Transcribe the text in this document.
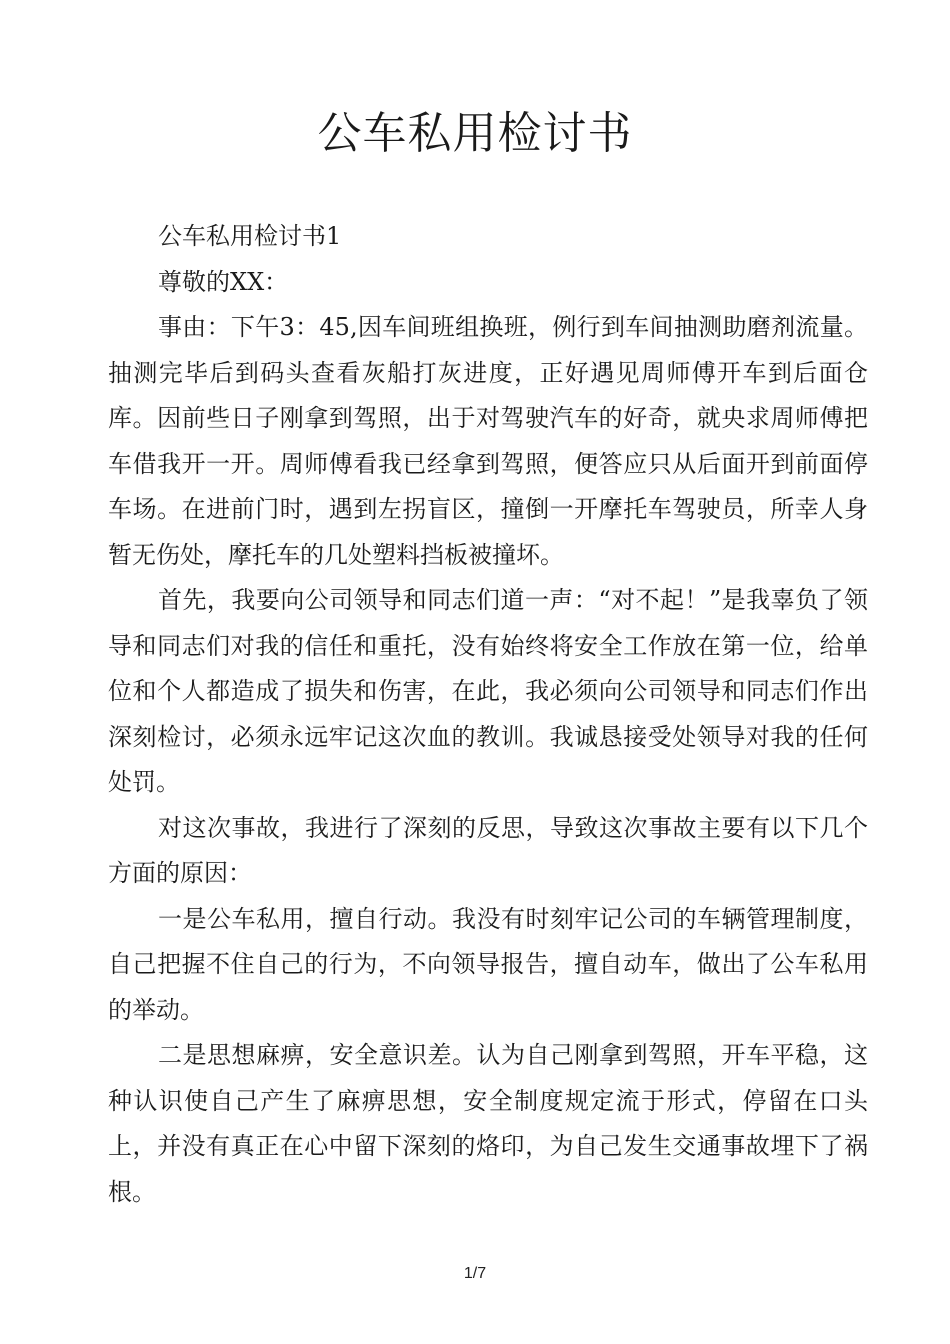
公车私用检讨书

公车私用检讨书1

尊敬的XX：

事由：下午3：45,因车间班组换班，例行到车间抽测助磨剂流量。抽测完毕后到码头查看灰船打灰进度，正好遇见周师傅开车到后面仓库。因前些日子刚拿到驾照，出于对驾驶汽车的好奇，就央求周师傅把车借我开一开。周师傅看我已经拿到驾照，便答应只从后面开到前面停车场。在进前门时，遇到左拐盲区，撞倒一开摩托车驾驶员，所幸人身暂无伤处，摩托车的几处塑料挡板被撞坏。

首先，我要向公司领导和同志们道一声：“对不起！”是我辜负了领导和同志们对我的信任和重托，没有始终将安全工作放在第一位，给单位和个人都造成了损失和伤害，在此，我必须向公司领导和同志们作出深刻检讨，必须永远牢记这次血的教训。我诚恳接受处领导对我的任何处罚。

对这次事故，我进行了深刻的反思，导致这次事故主要有以下几个方面的原因：

一是公车私用，擅自行动。我没有时刻牢记公司的车辆管理制度，自己把握不住自己的行为，不向领导报告，擅自动车，做出了公车私用的举动。

二是思想麻痹，安全意识差。认为自己刚拿到驾照，开车平稳，这种认识使自己产生了麻痹思想，安全制度规定流于形式，停留在口头上，并没有真正在心中留下深刻的烙印，为自己发生交通事故埋下了祸根。

1/7
